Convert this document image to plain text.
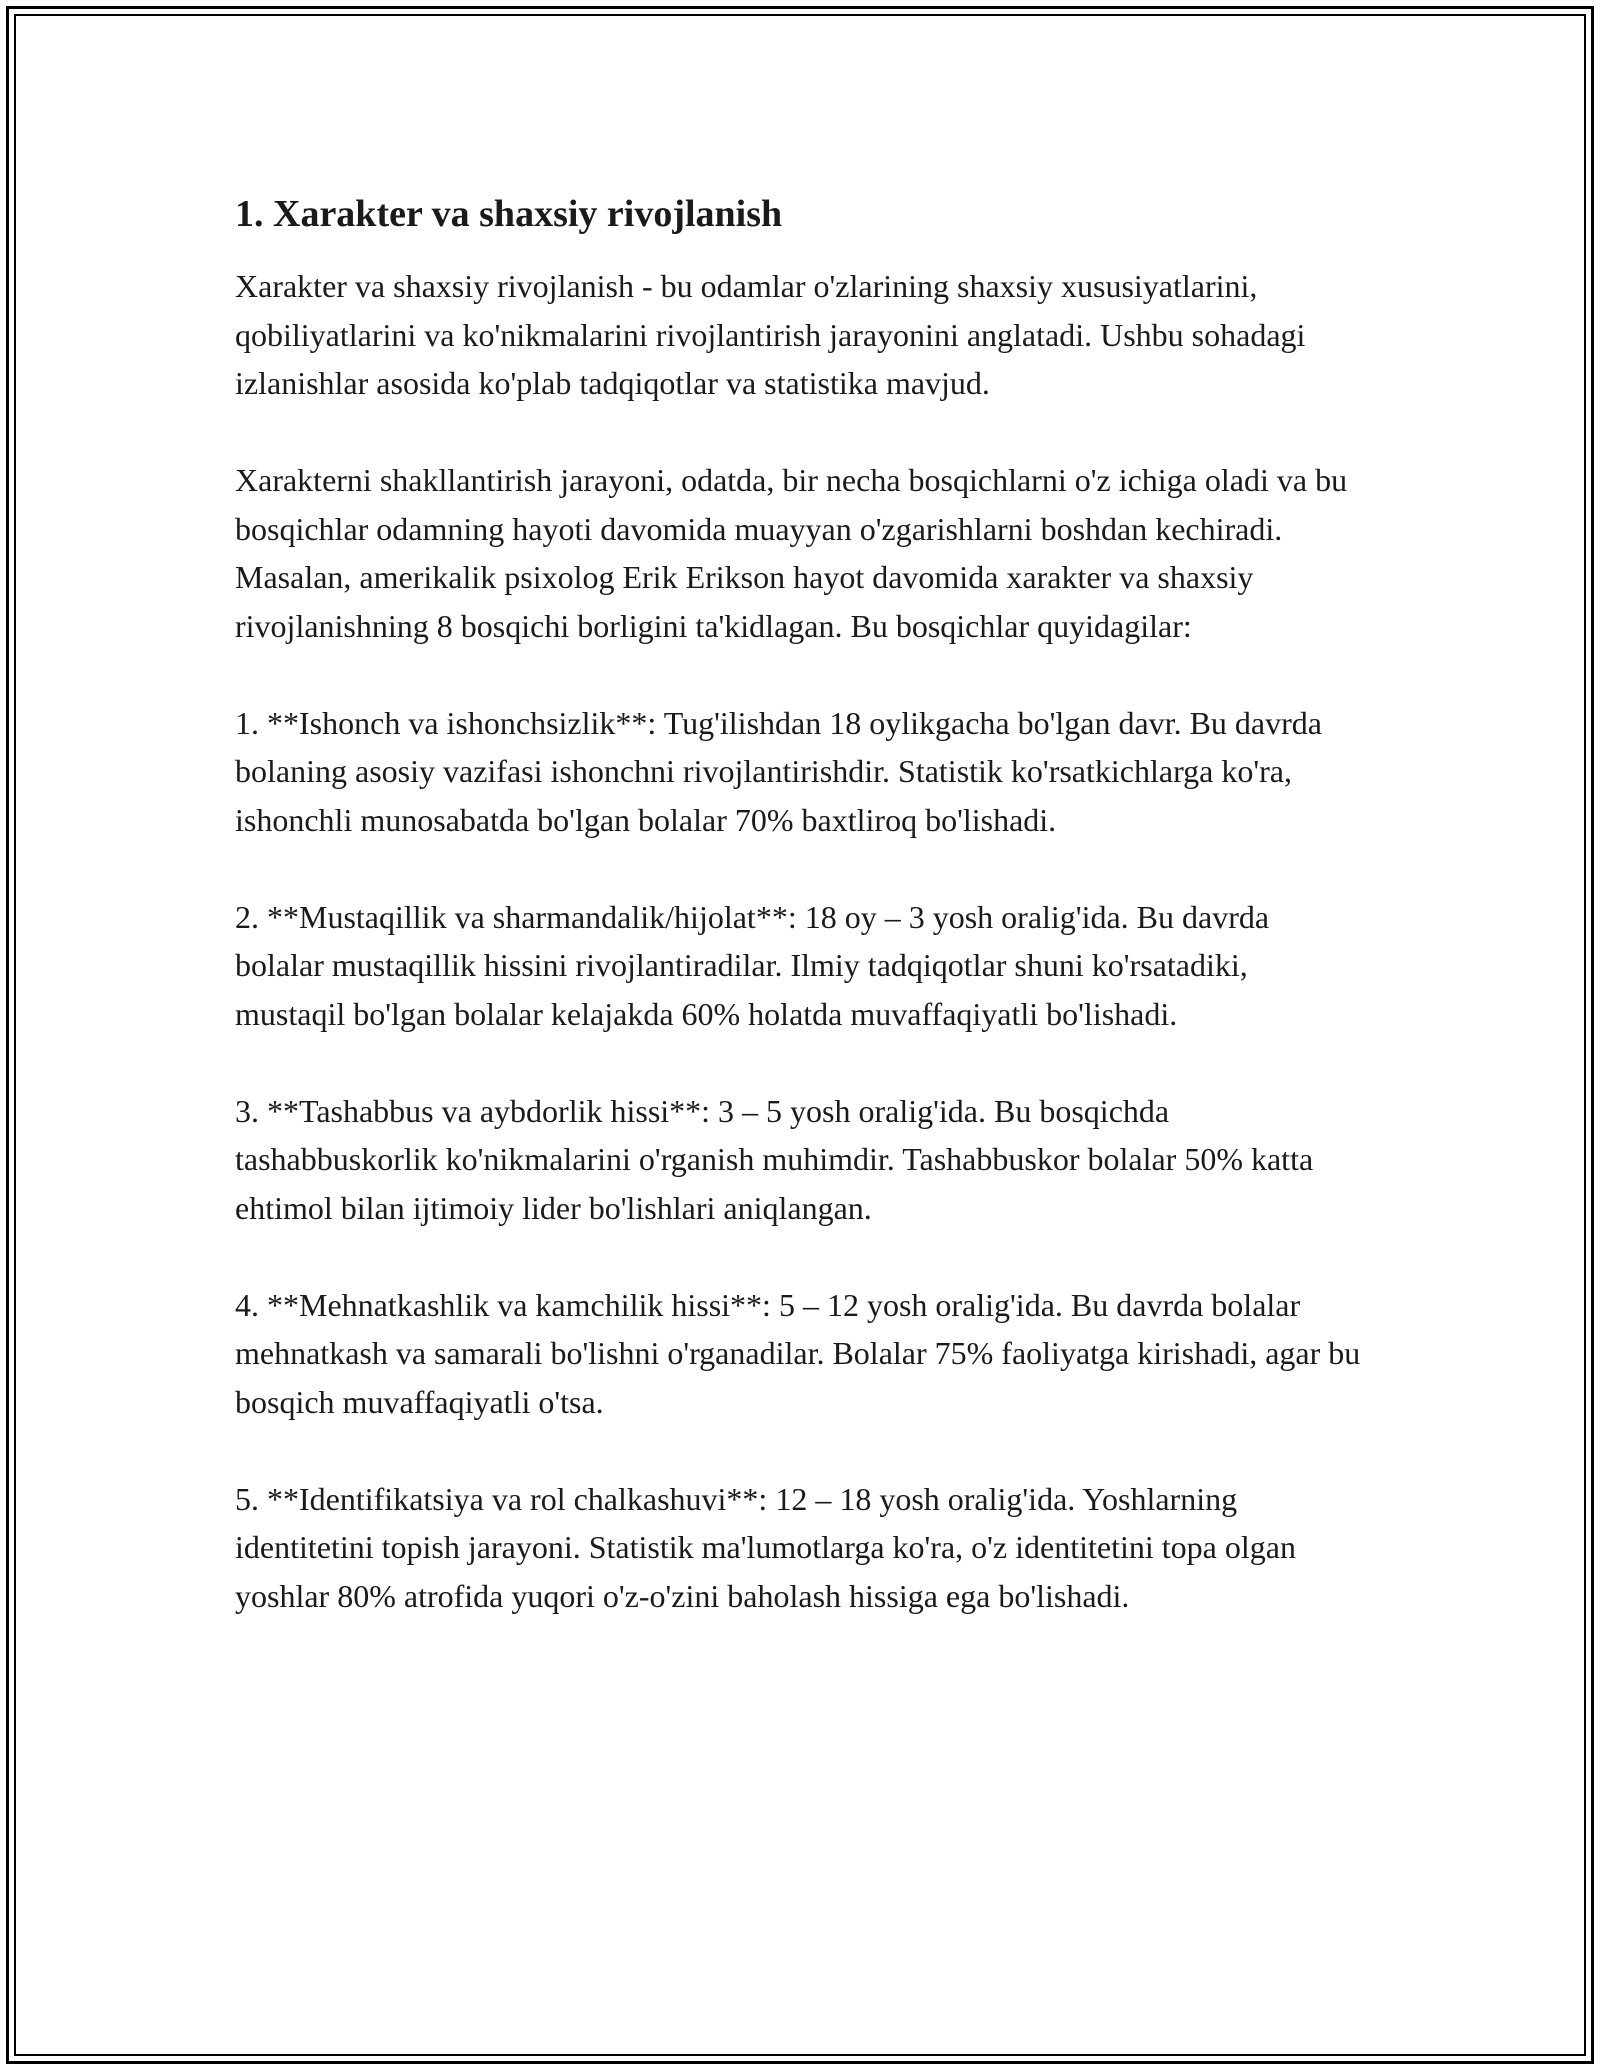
1. Xarakter va shaxsiy rivojlanish

Xarakter va shaxsiy rivojlanish - bu odamlar o'zlarining shaxsiy xususiyatlarini, qobiliyatlarini va ko'nikmalarini rivojlantirish jarayonini anglatadi. Ushbu sohadagi izlanishlar asosida ko'plab tadqiqotlar va statistika mavjud.

Xarakterni shakllantirish jarayoni, odatda, bir necha bosqichlarni o'z ichiga oladi va bu bosqichlar odamning hayoti davomida muayyan o'zgarishlarni boshdan kechiradi. Masalan, amerikalik psixolog Erik Erikson hayot davomida xarakter va shaxsiy rivojlanishning 8 bosqichi borligini ta'kidlagan. Bu bosqichlar quyidagilar:

1. **Ishonch va ishonchsizlik**: Tug'ilishdan 18 oylikgacha bo'lgan davr. Bu davrda bolaning asosiy vazifasi ishonchni rivojlantirishdir. Statistik ko'rsatkichlarga ko'ra, ishonchli munosabatda bo'lgan bolalar 70% baxtliroq bo'lishadi.

2. **Mustaqillik va sharmandalik/hijolat**: 18 oy – 3 yosh oralig'ida. Bu davrda bolalar mustaqillik hissini rivojlantiradilar. Ilmiy tadqiqotlar shuni ko'rsatadiki, mustaqil bo'lgan bolalar kelajakda 60% holatda muvaffaqiyatli bo'lishadi.

3. **Tashabbus va aybdorlik hissi**: 3 – 5 yosh oralig'ida. Bu bosqichda tashabbuskorlik ko'nikmalarini o'rganish muhimdir. Tashabbuskor bolalar 50% katta ehtimol bilan ijtimoiy lider bo'lishlari aniqlangan.

4. **Mehnatkashlik va kamchilik hissi**: 5 – 12 yosh oralig'ida. Bu davrda bolalar mehnatkash va samarali bo'lishni o'rganadilar. Bolalar 75% faoliyatga kirishadi, agar bu bosqich muvaffaqiyatli o'tsa.

5. **Identifikatsiya va rol chalkashuvi**: 12 – 18 yosh oralig'ida. Yoshlarning identitetini topish jarayoni. Statistik ma'lumotlarga ko'ra, o'z identitetini topa olgan yoshlar 80% atrofida yuqori o'z-o'zini baholash hissiga ega bo'lishadi.
